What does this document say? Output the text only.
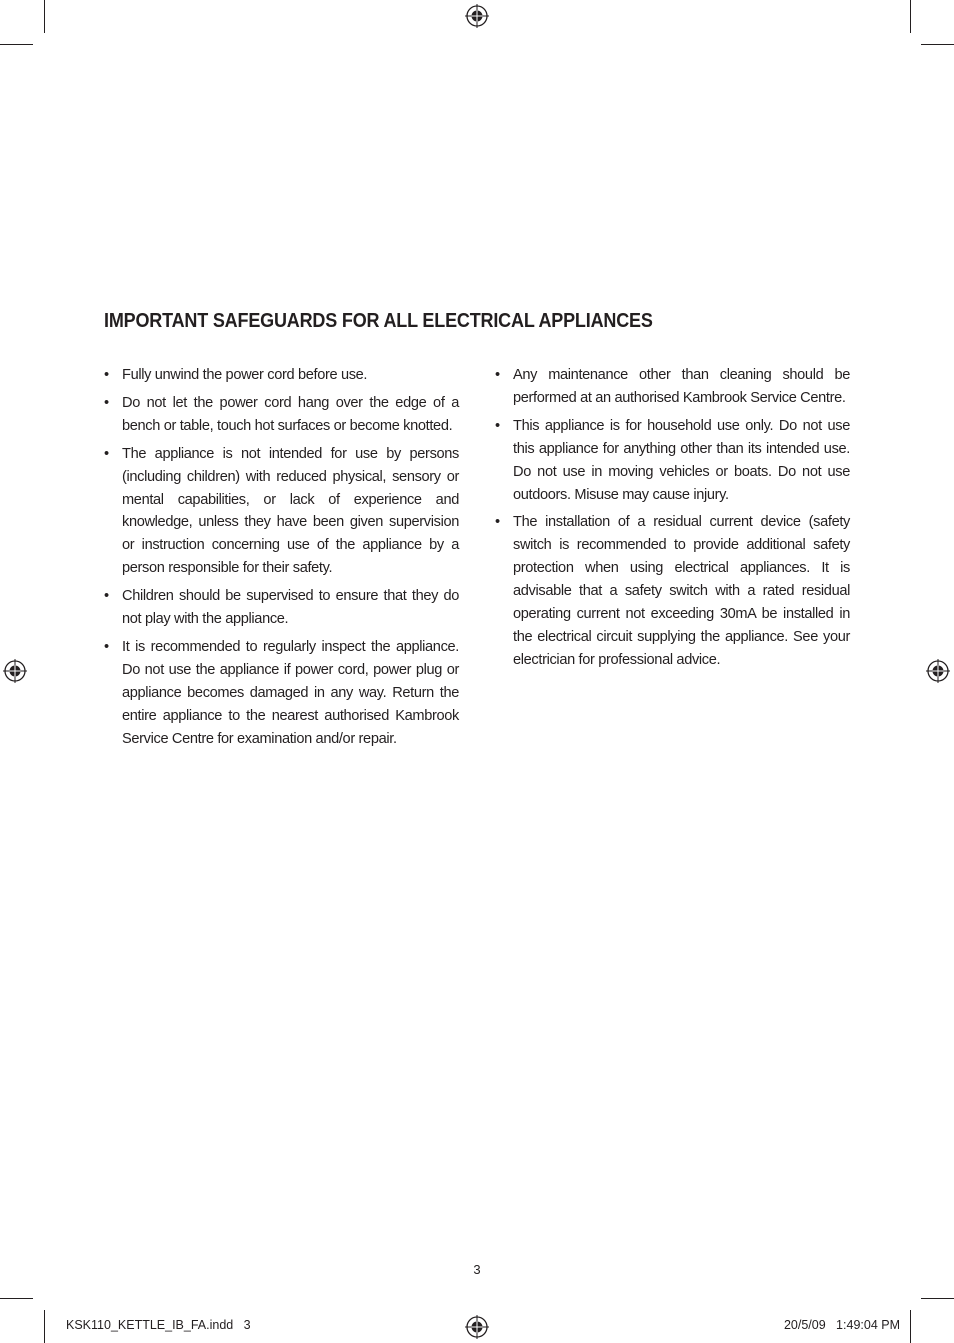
IMPORTANT SAFEGUARDS FOR ALL ELECTRICAL APPLIANCES
• Fully unwind the power cord before use.
• Do not let the power cord hang over the edge of a bench or table, touch hot surfaces or become knotted.
• The appliance is not intended for use by persons (including children) with reduced physical, sensory or mental capabilities, or lack of experience and knowledge, unless they have been given supervision or instruction concerning use of the appliance by a person responsible for their safety.
• Children should be supervised to ensure that they do not play with the appliance.
• It is recommended to regularly inspect the appliance. Do not use the appliance if power cord, power plug or appliance becomes damaged in any way. Return the entire appliance to the nearest authorised Kambrook Service Centre for examination and/or repair.
• Any maintenance other than cleaning should be performed at an authorised Kambrook Service Centre.
• This appliance is for household use only. Do not use this appliance for anything other than its intended use. Do not use in moving vehicles or boats. Do not use outdoors. Misuse may cause injury.
• The installation of a residual current device (safety switch is recommended to provide additional safety protection when using electrical appliances. It is advisable that a safety switch with a rated residual operating current not exceeding 30mA be installed in the electrical circuit supplying the appliance. See your electrician for professional advice.
3
KSK110_KETTLE_IB_FA.indd   3	20/5/09   1:49:04 PM
